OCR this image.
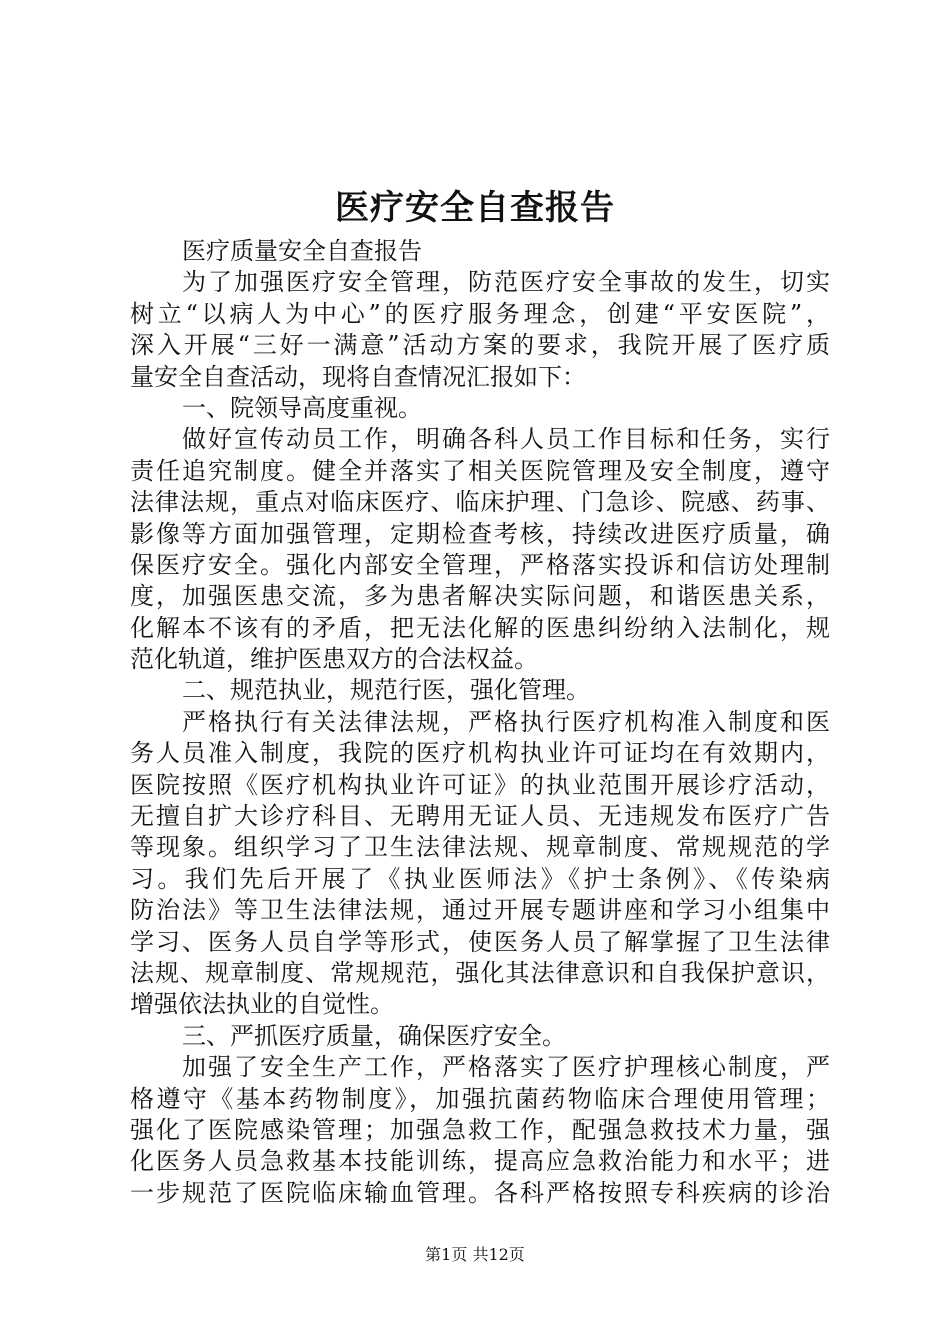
医疗安全自查报告
医疗质量安全自查报告
为了加强医疗安全管理，防范医疗安全事故的发生，切实
树立“以病人为中心”的医疗服务理念，创建“平安医院”，
深入开展“三好一满意”活动方案的要求，我院开展了医疗质
量安全自查活动，现将自查情况汇报如下：
一、院领导高度重视。
做好宣传动员工作，明确各科人员工作目标和任务，实行
责任追究制度。健全并落实了相关医院管理及安全制度，遵守
法律法规，重点对临床医疗、临床护理、门急诊、院感、药事、
影像等方面加强管理，定期检查考核，持续改进医疗质量，确
保医疗安全。强化内部安全管理，严格落实投诉和信访处理制
度，加强医患交流，多为患者解决实际问题，和谐医患关系，
化解本不该有的矛盾，把无法化解的医患纠纷纳入法制化，规
范化轨道，维护医患双方的合法权益。
二、规范执业，规范行医，强化管理。
严格执行有关法律法规，严格执行医疗机构准入制度和医
务人员准入制度，我院的医疗机构执业许可证均在有效期内，
医院按照《医疗机构执业许可证》的执业范围开展诊疗活动，
无擅自扩大诊疗科目、无聘用无证人员、无违规发布医疗广告
等现象。组织学习了卫生法律法规、规章制度、常规规范的学
习。我们先后开展了《执业医师法》《护士条例》、《传染病
防治法》等卫生法律法规，通过开展专题讲座和学习小组集中
学习、医务人员自学等形式，使医务人员了解掌握了卫生法律
法规、规章制度、常规规范，强化其法律意识和自我保护意识，
增强依法执业的自觉性。
三、严抓医疗质量，确保医疗安全。
加强了安全生产工作，严格落实了医疗护理核心制度，严
格遵守《基本药物制度》，加强抗菌药物临床合理使用管理；
强化了医院感染管理；加强急救工作，配强急救技术力量，强
化医务人员急救基本技能训练，提高应急救治能力和水平；进
一步规范了医院临床输血管理。各科严格按照专科疾病的诊治
第1页 共12页
